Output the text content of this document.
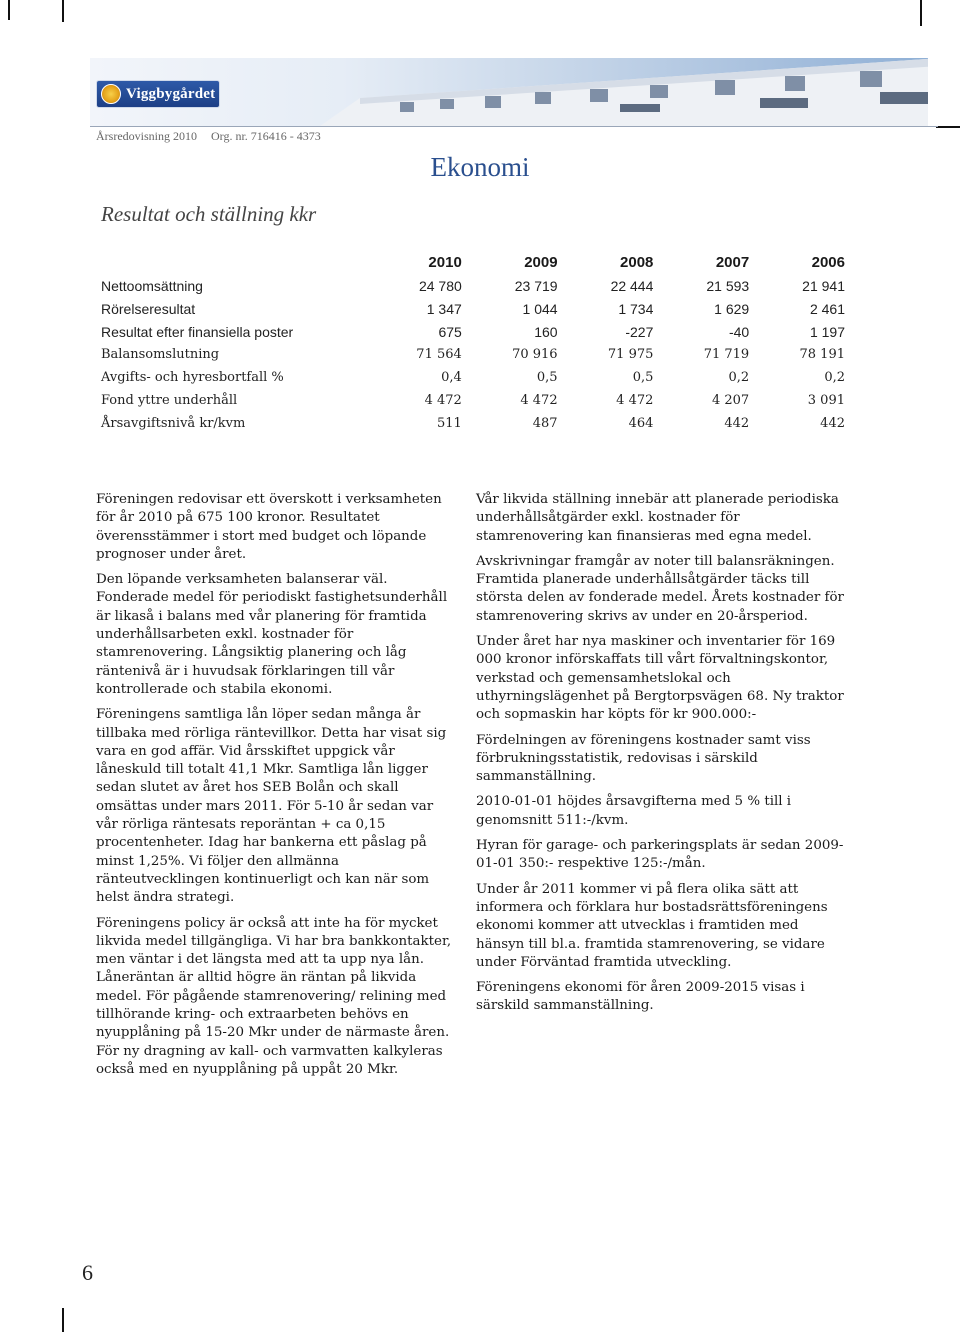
Viggbygårdet
Årsredovisning 2010 Org. nr. 716416 - 4373
Ekonomi
Resultat och ställning kkr
	2010	2009	2008	2007	2006
Nettoomsättning	24 780	23 719	22 444	21 593	21 941
Rörelseresultat	1 347	1 044	1 734	1 629	2 461
Resultat efter finansiella poster	675	160	-227	-40	1 197
Balansomslutning	71 564	70 916	71 975	71 719	78 191
Avgifts- och hyresbortfall %	0,4	0,5	0,5	0,2	0,2
Fond yttre underhåll	4 472	4 472	4 472	4 207	3 091
Årsavgiftsnivå kr/kvm	511	487	464	442	442

Föreningen redovisar ett överskott i verksamheten för år 2010 på 675 100 kronor. Resultatet överensstämmer i stort med budget och löpande prognoser under året.

Den löpande verksamheten balanserar väl. Fonderade medel för periodiskt fastighetsunderhåll är likaså i balans med vår planering för framtida underhållsarbeten exkl. kostnader för stamrenovering. Långsiktig planering och låg räntenivå är i huvudsak förklaringen till vår kontrollerade och stabila ekonomi.

Föreningens samtliga lån löper sedan många år tillbaka med rörliga räntevillkor. Detta har visat sig vara en god affär. Vid årsskiftet uppgick vår låneskuld till totalt 41,1 Mkr. Samtliga lån ligger sedan slutet av året hos SEB Bolån och skall omsättas under mars 2011. För 5-10 år sedan var vår rörliga räntesats reporäntan + ca 0,15 procentenheter. Idag har bankerna ett påslag på minst 1,25%. Vi följer den allmänna ränteutvecklingen kontinuerligt och kan när som helst ändra strategi.

Föreningens policy är också att inte ha för mycket likvida medel tillgängliga. Vi har bra bankkontakter, men väntar i det längsta med att ta upp nya lån. Låneräntan är alltid högre än räntan på likvida medel. För pågående stamrenovering/ relining med tillhörande kring- och extraarbeten behövs en nyupplåning på 15-20 Mkr under de närmaste åren. För ny dragning av kall- och varmvatten kalkyleras också med en nyupplåning på uppåt 20 Mkr.

Vår likvida ställning innebär att planerade periodiska underhållsåtgärder exkl. kostnader för stamrenovering kan finansieras med egna medel.

Avskrivningar framgår av noter till balansräkningen. Framtida planerade underhållsåtgärder täcks till största delen av fonderade medel. Årets kostnader för stamrenovering skrivs av under en 20-årsperiod.

Under året har nya maskiner och inventarier för 169 000 kronor införskaffats till vårt förvaltningskontor, verkstad och gemensamhetslokal och uthyrningslägenhet på Bergtorpsvägen 68. Ny traktor och sopmaskin har köpts för kr 900.000:-

Fördelningen av föreningens kostnader samt viss förbrukningsstatistik, redovisas i särskild sammanställning.

2010-01-01 höjdes årsavgifterna med 5 % till i genomsnitt 511:-/kvm.

Hyran för garage- och parkeringsplats är sedan 2009-01-01 350:- respektive 125:-/mån.

Under år 2011 kommer vi på flera olika sätt att informera och förklara hur bostadsrättsföreningens ekonomi kommer att utvecklas i framtiden med hänsyn till bl.a. framtida stamrenovering, se vidare under Förväntad framtida utveckling.

Föreningens ekonomi för åren 2009-2015 visas i särskild sammanställning.

6
